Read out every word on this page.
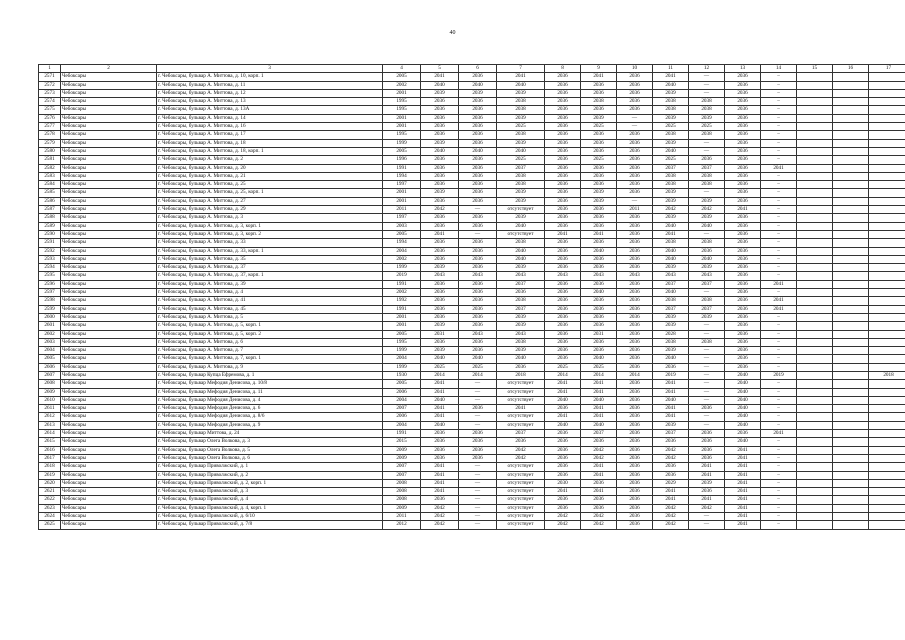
40
1	2	3	4	5	6	7	8	9	10	11	12	13	14	15	16	17
2571	Чебоксары	г. Чебоксары, бульвар А. Миттова, д. 10, корп. 1	2005	2041	2036	2041	2036	2041	2036	2041	—	2036	–			
2572	Чебоксары	г. Чебоксары, бульвар А. Миттова, д. 11	2002	2040	2040	2040	2036	2036	2036	2040	—	2036	–			
2573	Чебоксары	г. Чебоксары, бульвар А. Миттова, д. 12	2001	2039	2039	2039	2036	2036	2036	2039	—	2036	–			
2574	Чебоксары	г. Чебоксары, бульвар А. Миттова, д. 13	1995	2036	2036	2038	2036	2038	2036	2038	2038	2036	–			
2575	Чебоксары	г. Чебоксары, бульвар А. Миттова, д. 13А	1995	2036	2036	2038	2036	2036	2036	2038	2038	2036	–			
2576	Чебоксары	г. Чебоксары, бульвар А. Миттова, д. 14	2001	2036	2036	2039	2036	2039	—	2039	2039	2036	–			
2577	Чебоксары	г. Чебоксары, бульвар А. Миттова, д. 16	2001	2036	2036	2025	2036	2025	—	2025	2025	2036	–			
2578	Чебоксары	г. Чебоксары, бульвар А. Миттова, д. 17	1995	2036	2036	2038	2036	2036	2036	2038	2038	2036	–			
2579	Чебоксары	г. Чебоксары, бульвар А. Миттова, д. 18	1999	2039	2036	2039	2036	2036	2036	2039	—	2036	–			
2580	Чебоксары	г. Чебоксары, бульвар А. Миттова, д. 18, корп. 1	2005	2040	2040	2040	2036	2036	2036	2040	—	2036	–			
2581	Чебоксары	г. Чебоксары, бульвар А. Миттова, д. 2	1996	2036	2036	2025	2036	2025	2036	2025	2036	2036	–			
2582	Чебоксары	г. Чебоксары, бульвар А. Миттова, д. 20	1991	2036	2036	2037	2036	2036	2036	2037	2037	2036	2041			
2583	Чебоксары	г. Чебоксары, бульвар А. Миттова, д. 21	1994	2036	2036	2038	2036	2036	2036	2038	2038	2036	–			
2584	Чебоксары	г. Чебоксары, бульвар А. Миттова, д. 25	1997	2036	2036	2038	2036	2036	2036	2038	2038	2036	–			
2585	Чебоксары	г. Чебоксары, бульвар А. Миттова, д. 25, корп. 1	2001	2039	2036	2039	2036	2039	2036	2039	—	2036	–			
2586	Чебоксары	г. Чебоксары, бульвар А. Миттова, д. 27	2001	2036	2036	2039	2036	2039	—	2039	2039	2036	–			
2587	Чебоксары	г. Чебоксары, бульвар А. Миттова, д. 29	2011	2042	—	отсутствует	2036	2036	2011	2042	2042	2041	–			
2588	Чебоксары	г. Чебоксары, бульвар А. Миттова, д. 3	1997	2036	2036	2039	2036	2036	2036	2039	2039	2036	–			
2589	Чебоксары	г. Чебоксары, бульвар А. Миттова, д. 3, корп. 1	2003	2036	2036	2040	2036	2036	2036	2040	2040	2036	–			
2590	Чебоксары	г. Чебоксары, бульвар А. Миттова, д. 3, корп. 2	2005	2041	—	отсутствует	2041	2041	2036	2041	—	2036	–			
2591	Чебоксары	г. Чебоксары, бульвар А. Миттова, д. 33	1994	2036	2036	2038	2036	2036	2036	2038	2038	2036	–			
2592	Чебоксары	г. Чебоксары, бульвар А. Миттова, д. 33, корп. 1	2004	2036	2036	2040	2036	2040	2036	2040	2036	2036	–			
2593	Чебоксары	г. Чебоксары, бульвар А. Миттова, д. 35	2002	2036	2036	2040	2036	2036	2036	2040	2040	2036	–			
2594	Чебоксары	г. Чебоксары, бульвар А. Миттова, д. 37	1999	2039	2036	2039	2036	2036	2036	2039	2039	2036	–			
2595	Чебоксары	г. Чебоксары, бульвар А. Миттова, д. 37, корп. 1	2019	2043	2043	2043	2043	2043	2043	2043	2043	2036	–			
2596	Чебоксары	г. Чебоксары, бульвар А. Миттова, д. 39	1991	2036	2036	2037	2036	2036	2036	2037	2037	2036	2041			
2597	Чебоксары	г. Чебоксары, бульвар А. Миттова, д. 4	2002	2036	2036	2036	2036	2040	2036	2040	—	2036	–			
2598	Чебоксары	г. Чебоксары, бульвар А. Миттова, д. 41	1992	2036	2036	2038	2036	2036	2036	2038	2038	2036	2041			
2599	Чебоксары	г. Чебоксары, бульвар А. Миттова, д. 45	1991	2036	2036	2037	2036	2036	2036	2037	2037	2036	2041			
2600	Чебоксары	г. Чебоксары, бульвар А. Миттова, д. 5	2001	2036	2036	2039	2036	2036	2036	2039	2039	2036	–			
2601	Чебоксары	г. Чебоксары, бульвар А. Миттова, д. 5, корп. 1	2001	2039	2036	2039	2036	2036	2036	2039	—	2036	–			
2602	Чебоксары	г. Чебоксары, бульвар А. Миттова, д. 5, корп. 2	2005	2031	2043	2043	2036	2031	2036	2028	—	2036	–			
2603	Чебоксары	г. Чебоксары, бульвар А. Миттова, д. 6	1995	2036	2036	2038	2036	2036	2036	2038	2038	2036	–			
2604	Чебоксары	г. Чебоксары, бульвар А. Миттова, д. 7	1999	2039	2036	2039	2036	2036	2036	2039	—	2036	–			
2605	Чебоксары	г. Чебоксары, бульвар А. Миттова, д. 7, корп. 1	2004	2040	2040	2040	2036	2040	2036	2040	—	2036	–			
2606	Чебоксары	г. Чебоксары, бульвар А. Миттова, д. 9	1999	2025	2025	2036	2025	2025	2036	2036	—	2036	–			
2607	Чебоксары	г. Чебоксары, бульвар Купца Ефремова, д. 1	1930	2014	2014	2018	2014	2014	2014	2019	—	2040	2019			2018
2608	Чебоксары	г. Чебоксары, бульвар Мефодия Денисова, д. 10/8	2005	2041	—	отсутствует	2041	2041	2036	2041	—	2040	–			
2609	Чебоксары	г. Чебоксары, бульвар Мефодия Денисова, д. 11	2006	2041	—	отсутствует	2041	2041	2036	2041	—	2040	–			
2610	Чебоксары	г. Чебоксары, бульвар Мефодия Денисова, д. 4	2004	2040	—	отсутствует	2040	2040	2036	2040	—	2040	–			
2611	Чебоксары	г. Чебоксары, бульвар Мефодия Денисова, д. 6	2007	2041	2036	2041	2036	2041	2036	2041	2036	2040	–			
2612	Чебоксары	г. Чебоксары, бульвар Мефодия Денисова, д. 8/6	2006	2041	—	отсутствует	2041	2041	2036	2041	—	2040	–			
2613	Чебоксары	г. Чебоксары, бульвар Мефодия Денисова, д. 9	2004	2040	—	отсутствует	2040	2040	2036	2039	—	2040	–			
2614	Чебоксары	г. Чебоксары, бульвар Миттова, д. 24	1991	2036	2036	2037	2036	2037	2036	2037	2036	2036	2041			
2615	Чебоксары	г. Чебоксары, бульвар Олега Волкова, д. 3	2015	2036	2036	2036	2036	2036	2036	2036	2036	2040	–			
2616	Чебоксары	г. Чебоксары, бульвар Олега Волкова, д. 5	2009	2036	2036	2042	2036	2042	2036	2042	2036	2041	–			
2617	Чебоксары	г. Чебоксары, бульвар Олега Волкова, д. 6	2009	2036	2036	2042	2036	2042	2036	2042	2036	2041	–			
2618	Чебоксары	г. Чебоксары, бульвар Приволжский, д. 1	2007	2041	—	отсутствует	2036	2041	2036	2036	2041	2041	–			
2619	Чебоксары	г. Чебоксары, бульвар Приволжский, д. 2	2007	2041	—	отсутствует	2036	2041	2036	2036	2041	2041	–			
2620	Чебоксары	г. Чебоксары, бульвар Приволжский, д. 2, корп. 1	2008	2041	—	отсутствует	2030	2036	2036	2029	2039	2041	–			
2621	Чебоксары	г. Чебоксары, бульвар Приволжский, д. 3	2008	2041	—	отсутствует	2041	2041	2036	2041	2036	2041	–			
2622	Чебоксары	г. Чебоксары, бульвар Приволжский, д. 4	2008	2036	—	отсутствует	2036	2036	2036	2041	2041	2041	–			
2623	Чебоксары	г. Чебоксары, бульвар Приволжский, д. 4, корп. 1	2009	2042	—	отсутствует	2036	2036	2036	2042	2042	2041	–			
2624	Чебоксары	г. Чебоксары, бульвар Приволжский, д. 6/10	2011	2042	—	отсутствует	2042	2042	2036	2042	—	2041	–			
2625	Чебоксары	г. Чебоксары, бульвар Приволжский, д. 7/8	2012	2042	—	отсутствует	2042	2042	2036	2042	—	2041	–			
